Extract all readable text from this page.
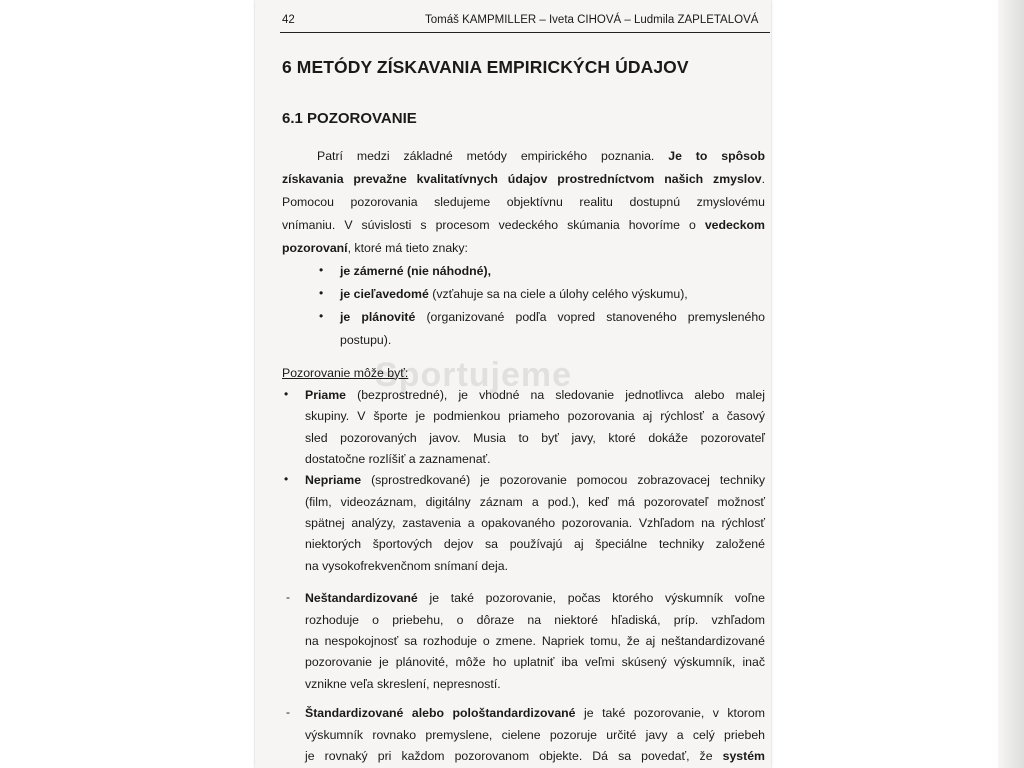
Sportujeme
42	Tomáš KAMPMILLER – Iveta CIHOVÁ – Ludmila ZAPLETALOVÁ
6 METÓDY ZÍSKAVANIA EMPIRICKÝCH ÚDAJOV
6.1 POZOROVANIE
Patrí medzi základné metódy empirického poznania. Je to spôsob
získavania prevažne kvalitatívnych údajov prostredníctvom našich zmyslov.
Pomocou pozorovania sledujeme objektívnu realitu dostupnú zmyslovému
vnímaniu. V súvislosti s procesom vedeckého skúmania hovoríme o vedeckom
pozorovaní, ktoré má tieto znaky:
• je zámerné (nie náhodné),
• je cieľavedomé (vzťahuje sa na ciele a úlohy celého výskumu),
• je plánovité (organizované podľa vopred stanoveného premysleného
postupu).
Pozorovanie môže byť:
• Priame (bezprostredné), je vhodné na sledovanie jednotlivca alebo malej
skupiny. V športe je podmienkou priameho pozorovania aj rýchlosť a časový
sled pozorovaných javov. Musia to byť javy, ktoré dokáže pozorovateľ
dostatočne rozlíšiť a zaznamenať.
• Nepriame (sprostredkované) je pozorovanie pomocou zobrazovacej techniky
(film, videozáznam, digitálny záznam a pod.), keď má pozorovateľ možnosť
spätnej analýzy, zastavenia a opakovaného pozorovania. Vzhľadom na rýchlosť
niektorých športových dejov sa používajú aj špeciálne techniky založené
na vysokofrekvenčnom snímaní deja.
- Neštandardizované je také pozorovanie, počas ktorého výskumník voľne
rozhoduje o priebehu, o dôraze na niektoré hľadiská, príp. vzhľadom
na nespokojnosť sa rozhoduje o zmene. Napriek tomu, že aj neštandardizované
pozorovanie je plánovité, môže ho uplatniť iba veľmi skúsený výskumník, inač
vznikne veľa skreslení, nepresností.
- Štandardizované alebo pološtandardizované je také pozorovanie, v ktorom
výskumník rovnako premyslene, cielene pozoruje určité javy a celý priebeh
je rovnaký pri každom pozorovanom objekte. Dá sa povedať, že systém
